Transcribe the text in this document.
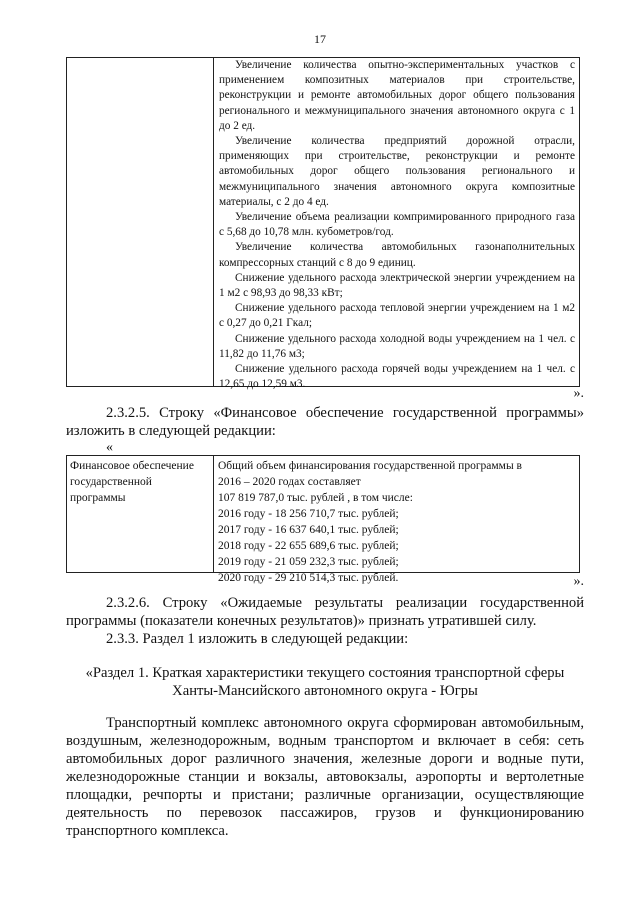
17

Увеличение количества опытно-экспериментальных участков с применением композитных материалов при строительстве, реконструкции и ремонте автомобильных дорог общего пользования регионального и межмуниципального значения автономного округа с 1 до 2 ед.

Увеличение количества предприятий дорожной отрасли, применяющих при строительстве, реконструкции и ремонте автомобильных дорог общего пользования регионального и межмуниципального значения автономного округа композитные материалы, с 2 до 4 ед.

Увеличение объема реализации компримированного природного газа с 5,68 до 10,78 млн. кубометров/год.

Увеличение количества автомобильных газонаполнительных компрессорных станций с 8 до 9 единиц.

Снижение удельного расхода электрической энергии учреждением на 1 м2 с 98,93 до 98,33 кВт;

Снижение удельного расхода тепловой энергии учреждением на 1 м2 с 0,27 до 0,21 Гкал;

Снижение удельного расхода холодной воды учреждением на 1 чел. с 11,82 до 11,76 м3;

Снижение удельного расхода горячей воды учреждением на 1 чел. с 12,65 до 12,59 м3.

».

2.3.2.5. Строку «Финансовое обеспечение государственной программы» изложить в следующей редакции:

«
Финансовое обеспечение государственной программы
Общий объем финансирования государственной программы в
2016 – 2020 годах составляет
107 819 787,0 тыс. рублей , в том числе:
2016 году - 18 256 710,7 тыс. рублей;
2017 году - 16 637 640,1 тыс. рублей;
2018 году - 22 655 689,6 тыс. рублей;
2019 году - 21 059 232,3 тыс. рублей;
2020 году - 29 210 514,3 тыс. рублей.	».

2.3.2.6. Строку «Ожидаемые результаты реализации государственной программы (показатели конечных результатов)» признать утратившей силу.

2.3.3. Раздел 1 изложить в следующей редакции:

«Раздел 1. Краткая характеристики текущего состояния транспортной сферы
Ханты-Мансийского автономного округа - Югры

Транспортный комплекс автономного округа сформирован автомобильным, воздушным, железнодорожным, водным транспортом и включает в себя: сеть автомобильных дорог различного значения, железные дороги и водные пути, железнодорожные станции и вокзалы, автовокзалы, аэропорты и вертолетные площадки, речпорты и пристани; различные организации, осуществляющие деятельность по перевозок пассажиров, грузов и функционированию транспортного комплекса.
